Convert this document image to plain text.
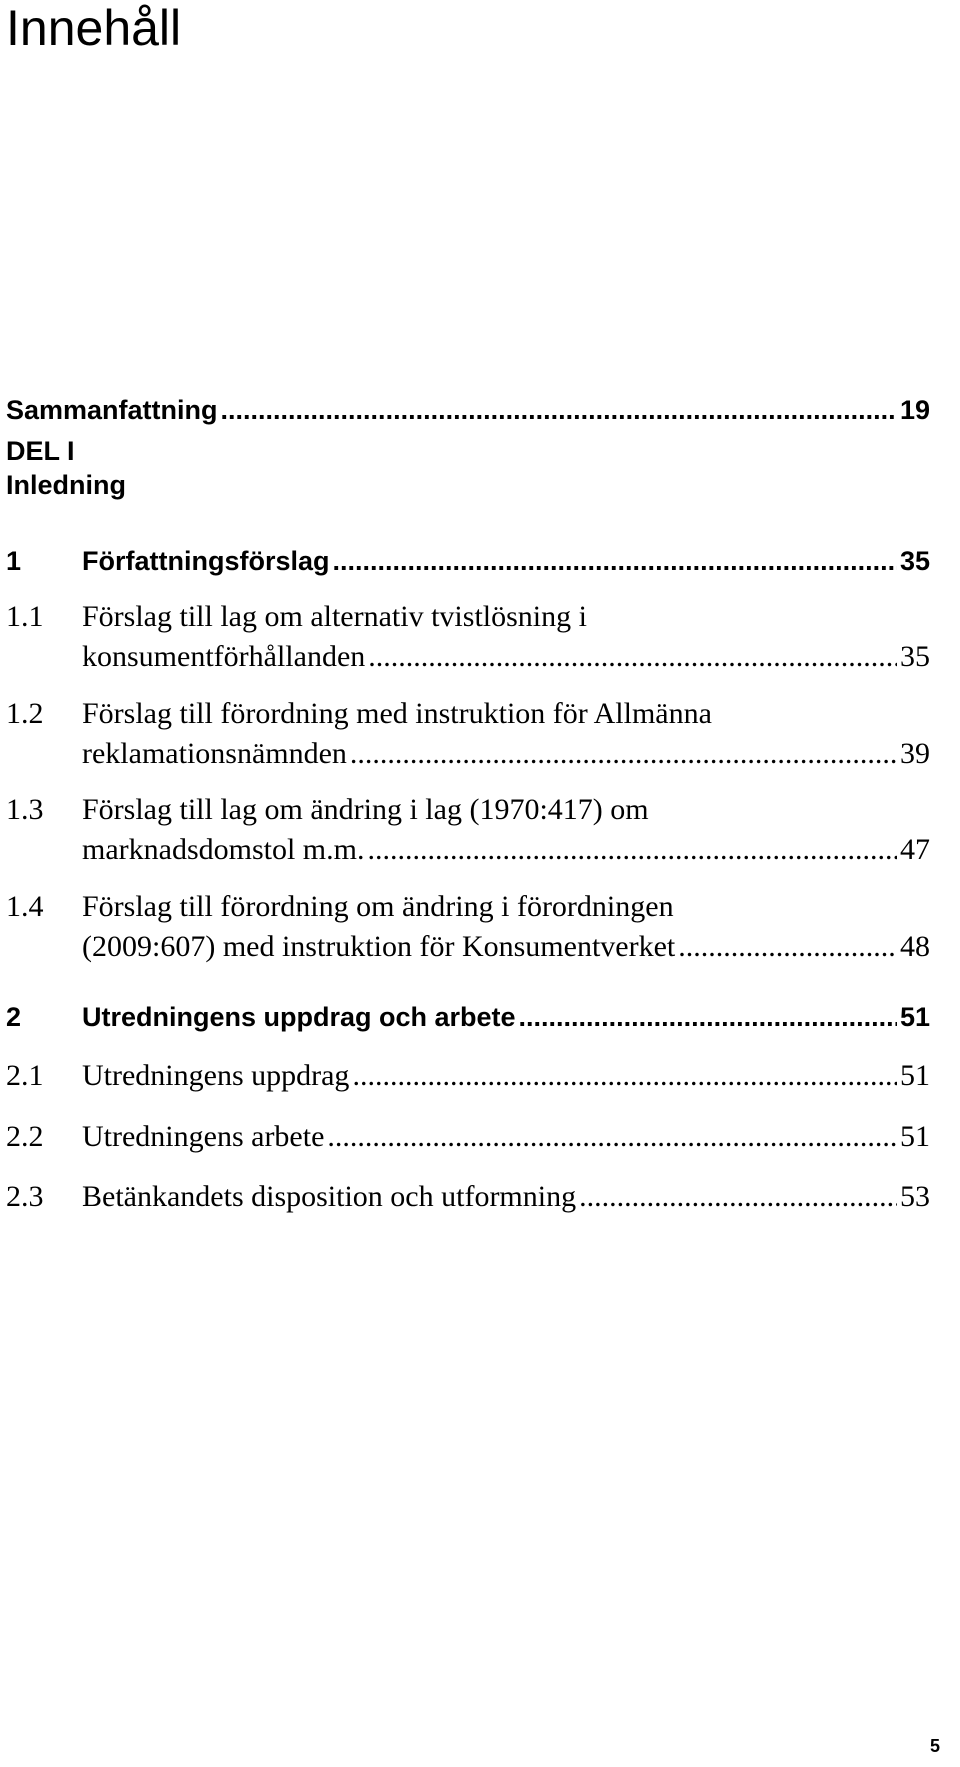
Innehåll
Sammanfattning .....	19
DEL I
Inledning
1	Författningsförslag .....	35
1.1 Förslag till lag om alternativ tvistlösning i
konsumentförhållanden .....	35
1.2 Förslag till förordning med instruktion för Allmänna
reklamationsnämnden .....	39
1.3 Förslag till lag om ändring i lag (1970:417) om
marknadsdomstol m.m. .....	47
1.4 Förslag till förordning om ändring i förordningen
(2009:607) med instruktion för Konsumentverket .....	48
2	Utredningens uppdrag och arbete .....	51
2.1	Utredningens uppdrag .....	51
2.2	Utredningens arbete .....	51
2.3	Betänkandets disposition och utformning .....	53
5
